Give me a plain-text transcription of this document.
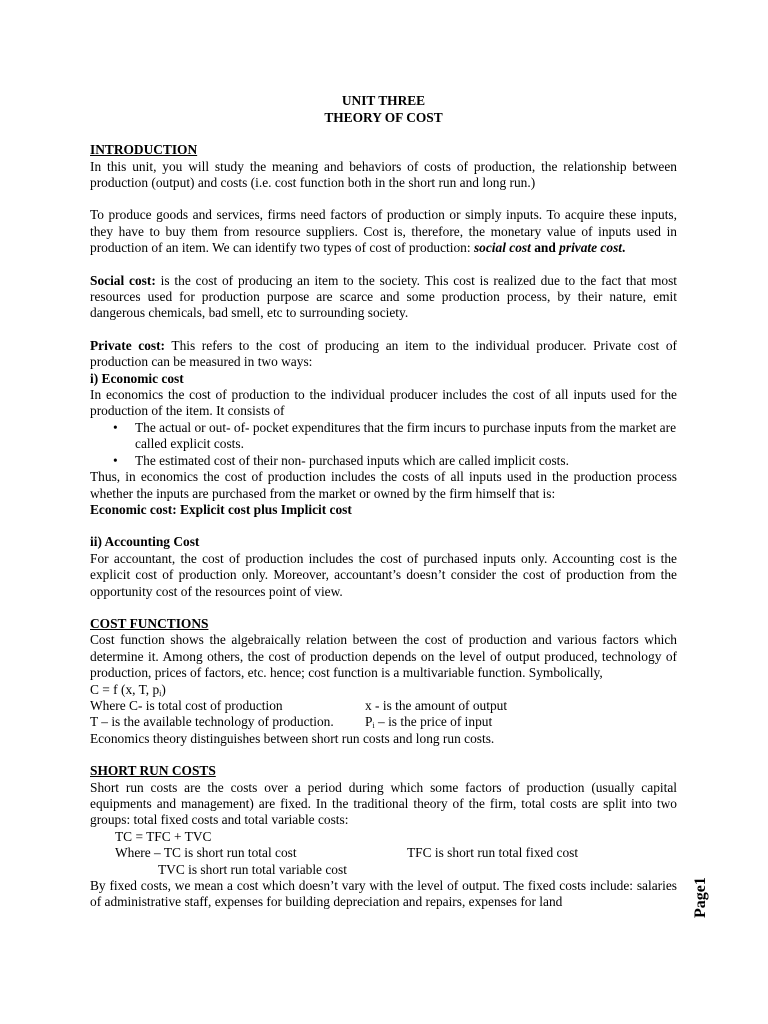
UNIT THREE
THEORY OF COST
INTRODUCTION

In this unit, you will study the meaning and behaviors of costs of production, the relationship between production (output) and costs (i.e. cost function both in the short run and long run.)

To produce goods and services, firms need factors of production or simply inputs. To acquire these inputs, they have to buy them from resource suppliers. Cost is, therefore, the monetary value of inputs used in production of an item. We can identify two types of cost of production: social cost and private cost.

Social cost: is the cost of producing an item to the society. This cost is realized due to the fact that most resources used for production purpose are scarce and some production process, by their nature, emit dangerous chemicals, bad smell, etc to surrounding society.

Private cost: This refers to the cost of producing an item to the individual producer. Private cost of production can be measured in two ways:

i) Economic cost

In economics the cost of production to the individual producer includes the cost of all inputs used for the production of the item. It consists of

• The actual or out- of- pocket expenditures that the firm incurs to purchase inputs from the market are called explicit costs.
• The estimated cost of their non- purchased inputs which are called implicit costs.

Thus, in economics the cost of production includes the costs of all inputs used in the production process whether the inputs are purchased from the market or owned by the firm himself that is:

Economic cost: Explicit cost plus Implicit cost
ii) Accounting Cost

For accountant, the cost of production includes the cost of purchased inputs only. Accounting cost is the explicit cost of production only. Moreover, accountant’s doesn’t consider the cost of production from the opportunity cost of the resources point of view.

COST FUNCTIONS

Cost function shows the algebraically relation between the cost of production and various factors which determine it. Among others, the cost of production depends on the level of output produced, technology of production, prices of factors, etc. hence; cost function is a multivariable function. Symbolically,

C = f (x, T, $p_i$)
Where C- is total cost of production	x - is the amount of output
T – is the available technology of production.	$P_i$ – is the price of input
Economics theory distinguishes between short run costs and long run costs.
SHORT RUN COSTS

Short run costs are the costs over a period during which some factors of production (usually capital equipments and management) are fixed. In the traditional theory of the firm, total costs are split into two groups: total fixed costs and total variable costs:

TC = TFC + TVC
Where – TC is short run total cost	TFC is short run total fixed cost
TVC is short run total variable cost

By fixed costs, we mean a cost which doesn’t vary with the level of output. The fixed costs include: salaries of administrative staff, expenses for building depreciation and repairs, expenses for land	Page1
